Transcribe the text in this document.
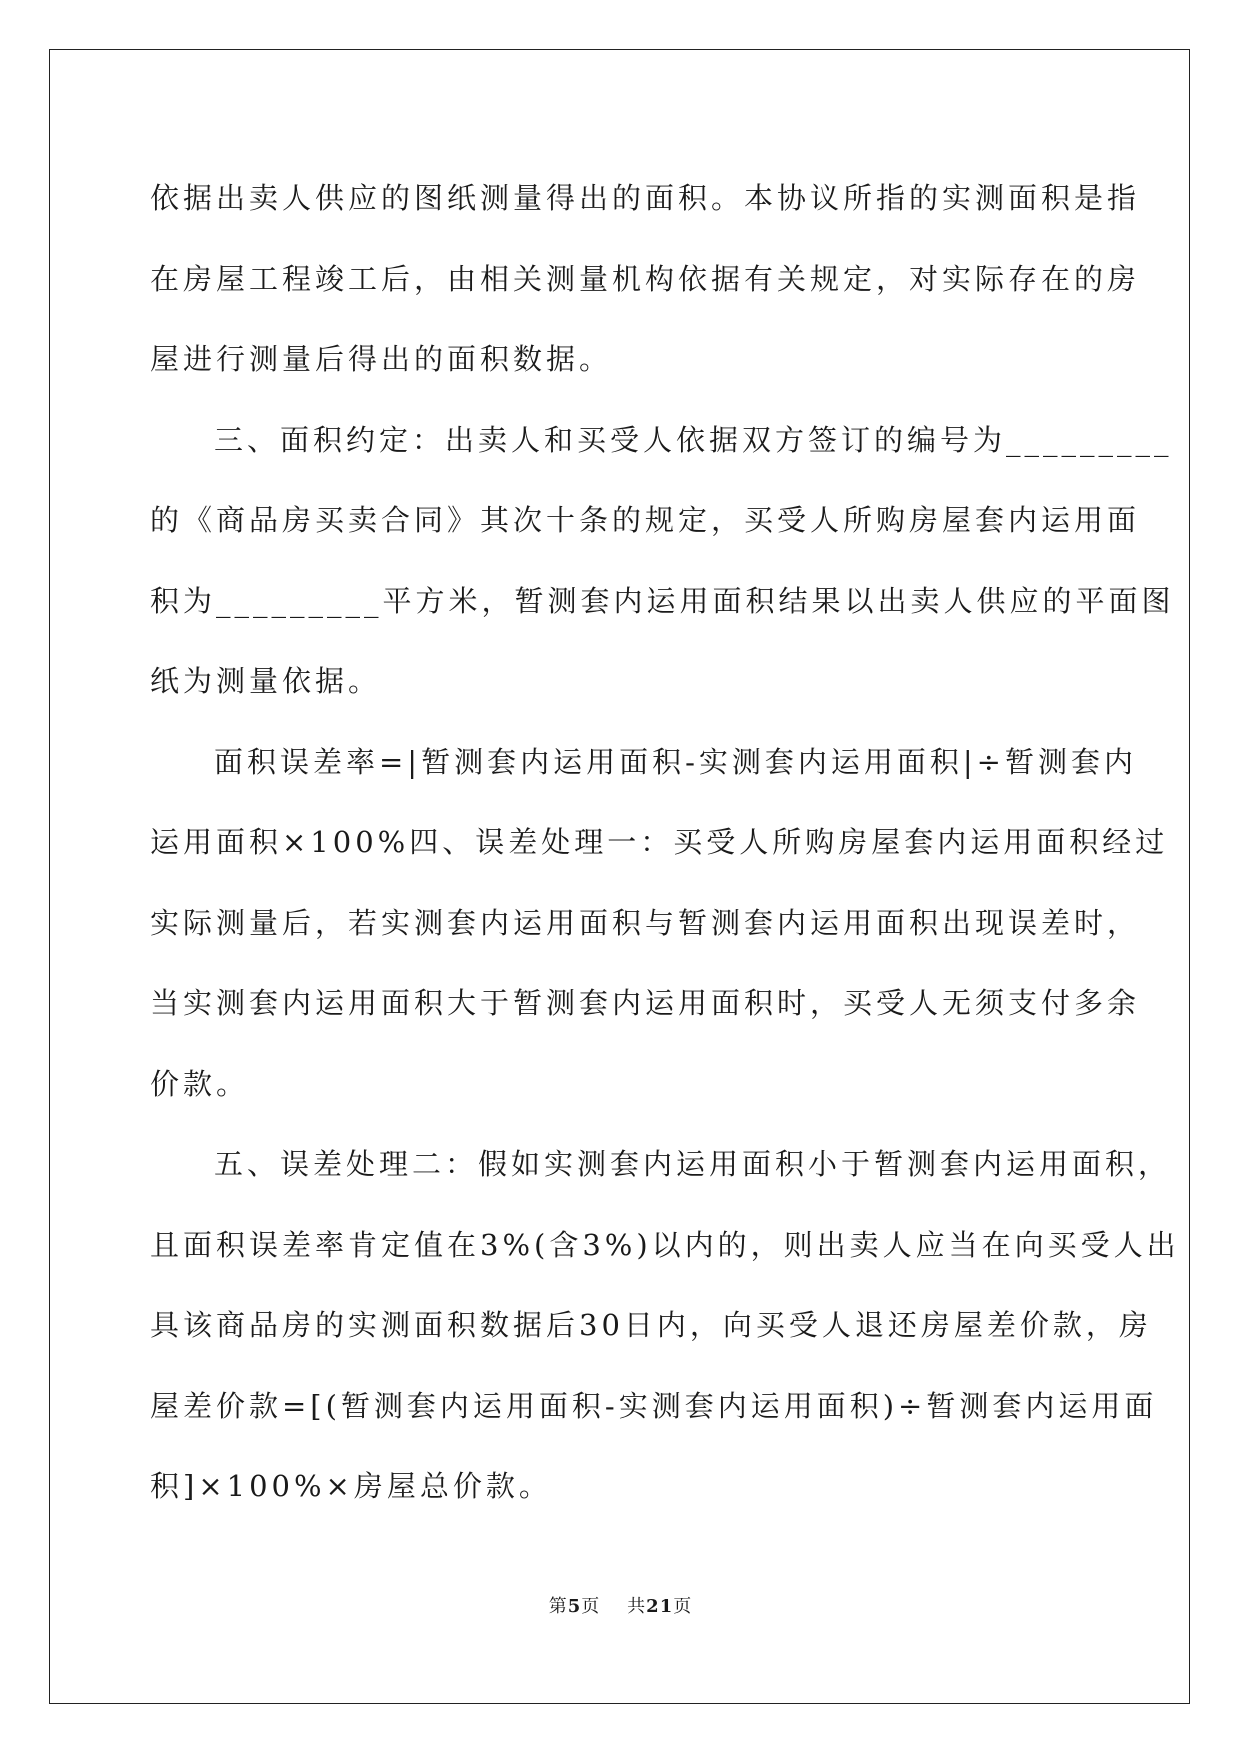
依据出卖人供应的图纸测量得出的面积。本协议所指的实测面积是指
在房屋工程竣工后，由相关测量机构依据有关规定，对实际存在的房
屋进行测量后得出的面积数据。
三、面积约定：出卖人和买受人依据双方签订的编号为_________
的《商品房买卖合同》其次十条的规定，买受人所购房屋套内运用面
积为_________平方米，暂测套内运用面积结果以出卖人供应的平面图
纸为测量依据。
面积误差率=|暂测套内运用面积-实测套内运用面积|÷暂测套内
运用面积×100%四、误差处理一：买受人所购房屋套内运用面积经过
实际测量后，若实测套内运用面积与暂测套内运用面积出现误差时，
当实测套内运用面积大于暂测套内运用面积时，买受人无须支付多余
价款。
五、误差处理二：假如实测套内运用面积小于暂测套内运用面积，
且面积误差率肯定值在3%(含3%)以内的，则出卖人应当在向买受人出
具该商品房的实测面积数据后30日内，向买受人退还房屋差价款，房
屋差价款=[(暂测套内运用面积-实测套内运用面积)÷暂测套内运用面
积]×100%×房屋总价款。
第5页 共21页
